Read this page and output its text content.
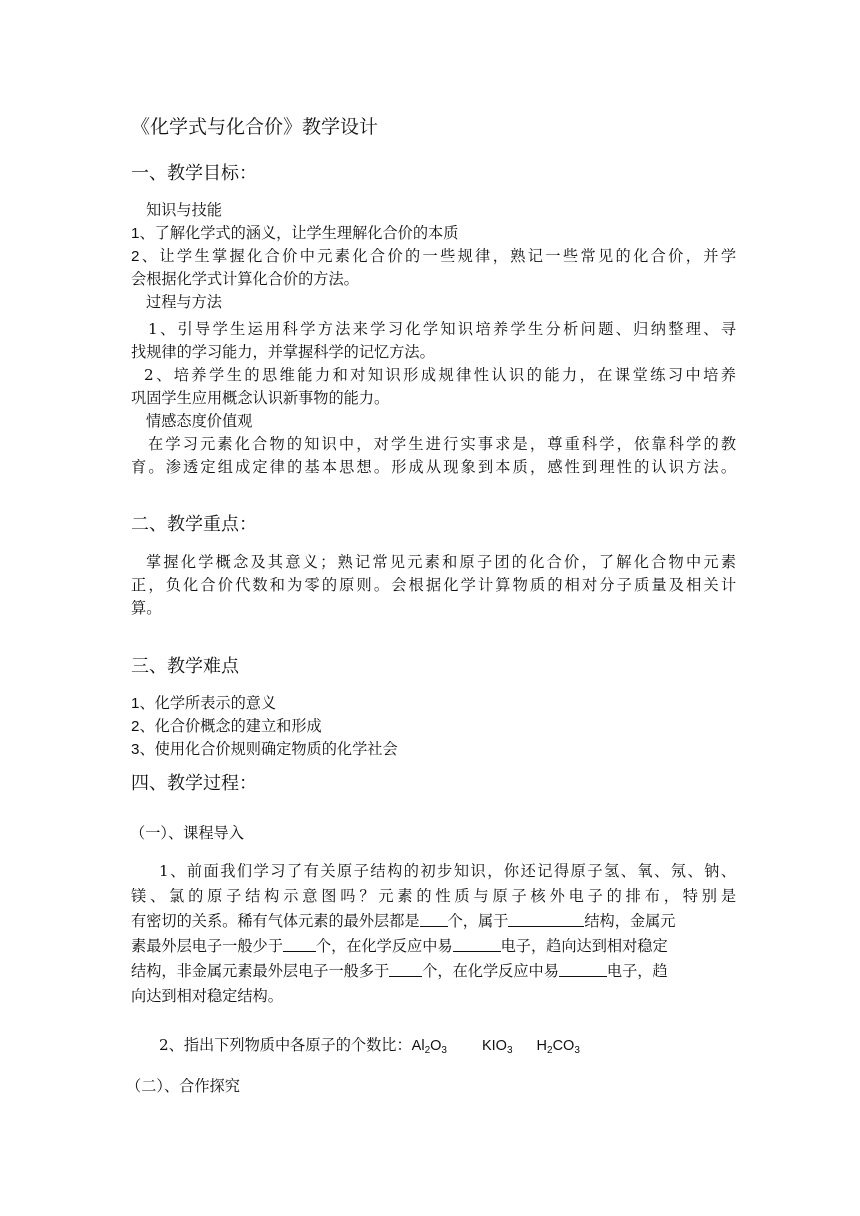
《化学式与化合价》教学设计
一、教学目标：
知识与技能
1、了解化学式的涵义，让学生理解化合价的本质
2、让学生掌握化合价中元素化合价的一些规律，熟记一些常见的化合价，并学
会根据化学式计算化合价的方法。
过程与方法
1、引导学生运用科学方法来学习化学知识培养学生分析问题、归纳整理、寻
找规律的学习能力，并掌握科学的记忆方法。
2、培养学生的思维能力和对知识形成规律性认识的能力，在课堂练习中培养
巩固学生应用概念认识新事物的能力。
情感态度价值观
在学习元素化合物的知识中，对学生进行实事求是，尊重科学，依靠科学的教
育。渗透定组成定律的基本思想。形成从现象到本质，感性到理性的认识方法。
二、教学重点：
掌握化学概念及其意义；熟记常见元素和原子团的化合价，了解化合物中元素
正，负化合价代数和为零的原则。会根据化学计算物质的相对分子质量及相关计
算。
三、教学难点
1、化学所表示的意义
2、化合价概念的建立和形成
3、使用化合价规则确定物质的化学社会
四、教学过程：
（一）、课程导入
1、前面我们学习了有关原子结构的初步知识，你还记得原子氢、氧、氖、钠、
镁、氯的原子结构示意图吗？元素的性质与原子核外电子的排布，特别是
有密切的关系。稀有气体元素的最外层都是 个，属于	结构，金属元
素最外层电子一般少于 个，在化学反应中易	电子，趋向达到相对稳定
结构，非金属元素最外层电子一般多于 个，在化学反应中易	电子，趋
向达到相对稳定结构。
2、指出下列物质中各原子的个数比：$Al_2O_3$ $KIO_3$ $H_2CO_3$
（二）、合作探究
